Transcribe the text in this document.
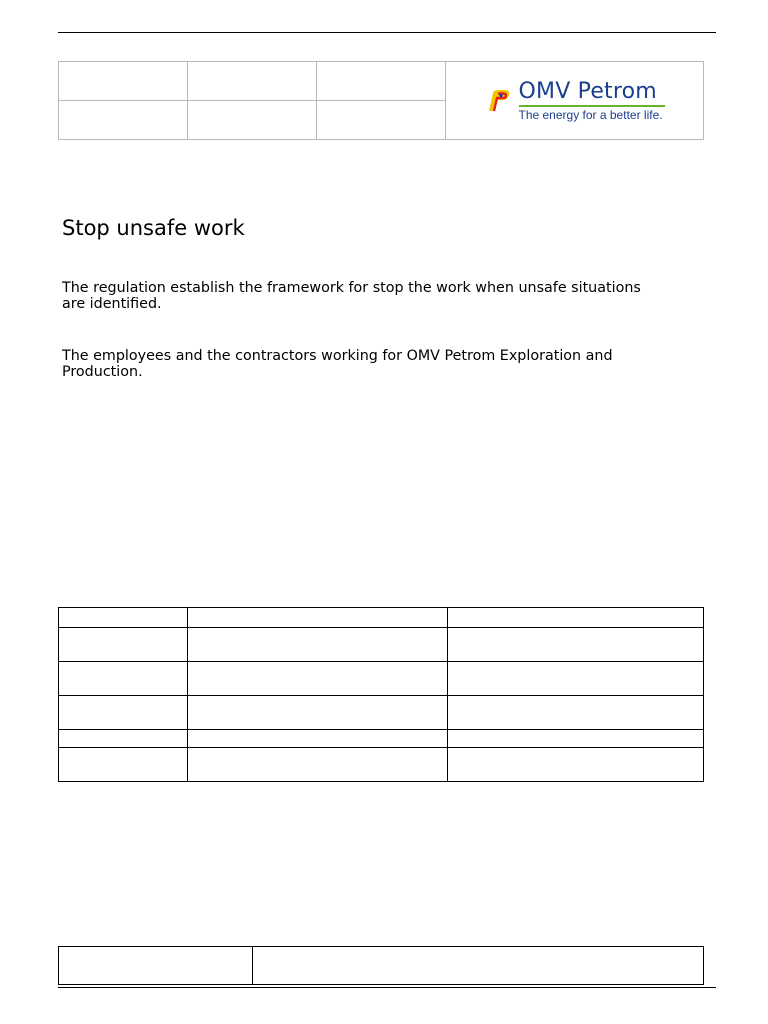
			OMV Petrom
The energy for a better life.

Stop unsafe work

The regulation establish the framework for stop the work when unsafe situations are identified.

The employees and the contractors working for OMV Petrom Exploration and Production.
